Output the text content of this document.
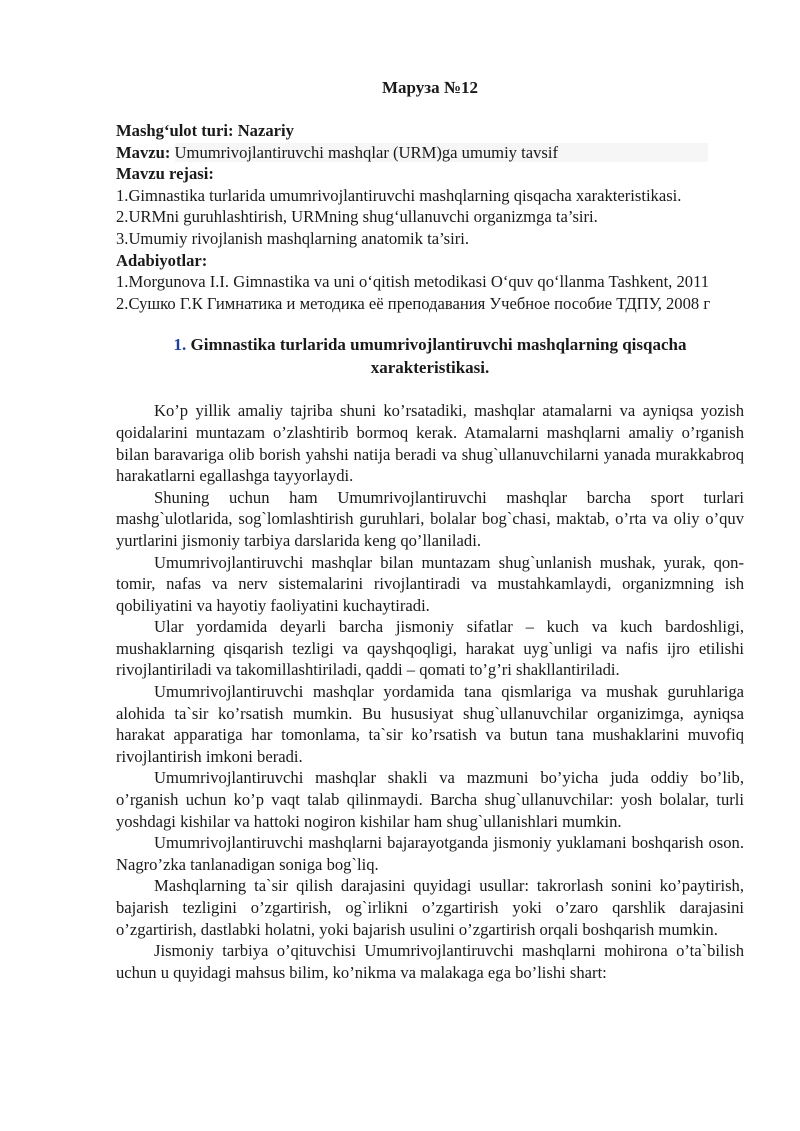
Маруза №12
Mashg‘ulot turi: Nazariy
Mavzu: Umumrivojlantiruvchi mashqlar (URM)ga umumiy tavsif
Mavzu rejasi:
1.Gimnastika turlarida umumrivojlantiruvchi mashqlarning qisqacha xarakteristikasi.
2.URMni guruhlashtirish, URMning shug‘ullanuvchi organizmga ta’siri.
3.Umumiy rivojlanish mashqlarning anatomik ta’siri.
Adabiyotlar:
1.Morgunova I.I. Gimnastika va uni o‘qitish metodikasi O‘quv qo‘llanma Tashkent, 2011
2.Сушко Г.К Гимнатика и методика её преподавания Учебное пособие ТДПУ, 2008 г
1. Gimnastika turlarida umumrivojlantiruvchi mashqlarning qisqacha xarakteristikasi.

Ko’p yillik amaliy tajriba shuni ko’rsatadiki, mashqlar atamalarni va ayniqsa yozish qoidalarini muntazam o’zlashtirib bormoq kerak. Atamalarni mashqlarni amaliy o’rganish bilan baravariga olib borish yahshi natija beradi va shug`ullanuvchilarni yanada murakkabroq harakatlarni egallashga tayyorlaydi.

Shuning uchun ham Umumrivojlantiruvchi mashqlar barcha sport turlari mashg`ulotlarida, sog`lomlashtirish guruhlari, bolalar bog`chasi, maktab, o’rta va oliy o’quv yurtlarini jismoniy tarbiya darslarida keng qo’llaniladi.

Umumrivojlantiruvchi mashqlar bilan muntazam shug`unlanish mushak, yurak, qon-tomir, nafas va nerv sistemalarini rivojlantiradi va mustahkamlaydi, organizmning ish qobiliyatini va hayotiy faoliyatini kuchaytiradi.

Ular yordamida deyarli barcha jismoniy sifatlar – kuch va kuch bardoshligi, mushaklarning qisqarish tezligi va qayshqoqligi, harakat uyg`unligi va nafis ijro etilishi rivojlantiriladi va takomillashtiriladi, qaddi – qomati to’g’ri shakllantiriladi.

Umumrivojlantiruvchi mashqlar yordamida tana qismlariga va mushak guruhlariga alohida ta`sir ko’rsatish mumkin. Bu hususiyat shug`ullanuvchilar organizimga, ayniqsa harakat apparatiga har tomonlama, ta`sir ko’rsatish va butun tana mushaklarini muvofiq rivojlantirish imkoni beradi.

Umumrivojlantiruvchi mashqlar shakli va mazmuni bo’yicha juda oddiy bo’lib, o’rganish uchun ko’p vaqt talab qilinmaydi. Barcha shug`ullanuvchilar: yosh bolalar, turli yoshdagi kishilar va hattoki nogiron kishilar ham shug`ullanishlari mumkin.

Umumrivojlantiruvchi mashqlarni bajarayotganda jismoniy yuklamani boshqarish oson. Nagro’zka tanlanadigan soniga bog`liq.

Mashqlarning ta`sir qilish darajasini quyidagi usullar: takrorlash sonini ko’paytirish, bajarish tezligini o’zgartirish, og`irlikni o’zgartirish yoki o’zaro qarshlik darajasini o’zgartirish, dastlabki holatni, yoki bajarish usulini o’zgartirish orqali boshqarish mumkin.

Jismoniy tarbiya o’qituvchisi Umumrivojlantiruvchi mashqlarni mohirona o’ta`bilish uchun u quyidagi mahsus bilim, ko’nikma va malakaga ega bo’lishi shart:
